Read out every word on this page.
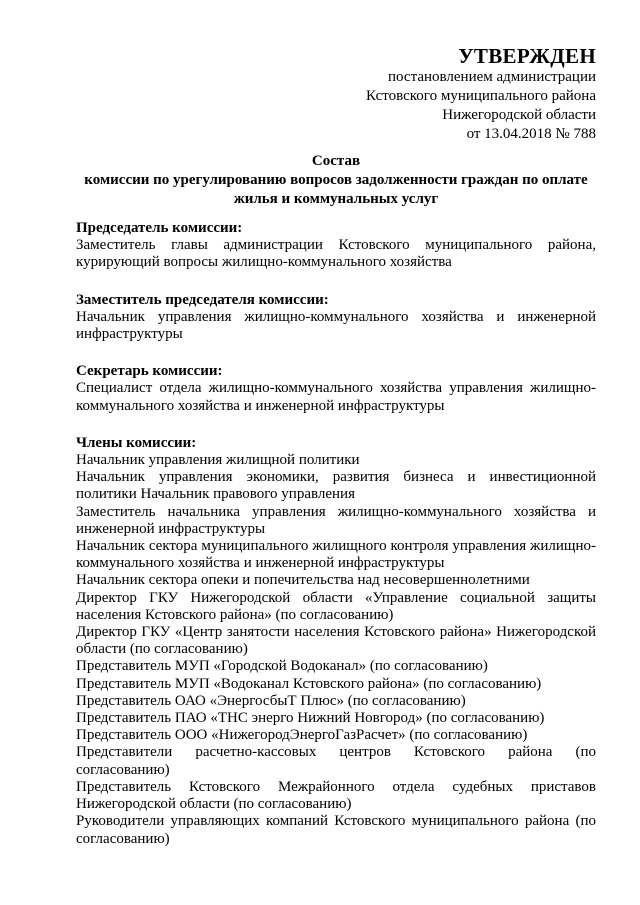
УТВЕРЖДЕН
постановлением администрации
Кстовского муниципального района
Нижегородской области
от 13.04.2018 № 788
Состав
комиссии по урегулированию вопросов задолженности граждан по оплате жилья и коммунальных услуг

Председатель комиссии:

Заместитель главы администрации Кстовского муниципального района, курирующий вопросы жилищно-коммунального хозяйства

Заместитель председателя комиссии:

Начальник управления жилищно-коммунального хозяйства и инженерной инфраструктуры

Секретарь комиссии:

Специалист отдела жилищно-коммунального хозяйства управления жилищно-коммунального хозяйства и инженерной инфраструктуры

Члены комиссии:

Начальник управления жилищной политики

Начальник управления экономики, развития бизнеса и инвестиционной политики Начальник правового управления

Заместитель начальника управления жилищно-коммунального хозяйства и инженерной инфраструктуры

Начальник сектора муниципального жилищного контроля управления жилищно-коммунального хозяйства и инженерной инфраструктуры

Начальник сектора опеки и попечительства над несовершеннолетними

Директор ГКУ Нижегородской области «Управление социальной защиты населения Кстовского района» (по согласованию)

Директор ГКУ «Центр занятости населения Кстовского района» Нижегородской области (по согласованию)

Представитель МУП «Городской Водоканал» (по согласованию)

Представитель МУП «Водоканал Кстовского района» (по согласованию)

Представитель ОАО «ЭнергосбыТ Плюс» (по согласованию)

Представитель ПАО «ТНС энерго Нижний Новгород» (по согласованию)

Представитель ООО «НижегородЭнергоГазРасчет» (по согласованию)

Представители расчетно-кассовых центров Кстовского района (по согласованию)

Представитель Кстовского Межрайонного отдела судебных приставов Нижегородской области (по согласованию)

Руководители управляющих компаний Кстовского муниципального района (по согласованию)
